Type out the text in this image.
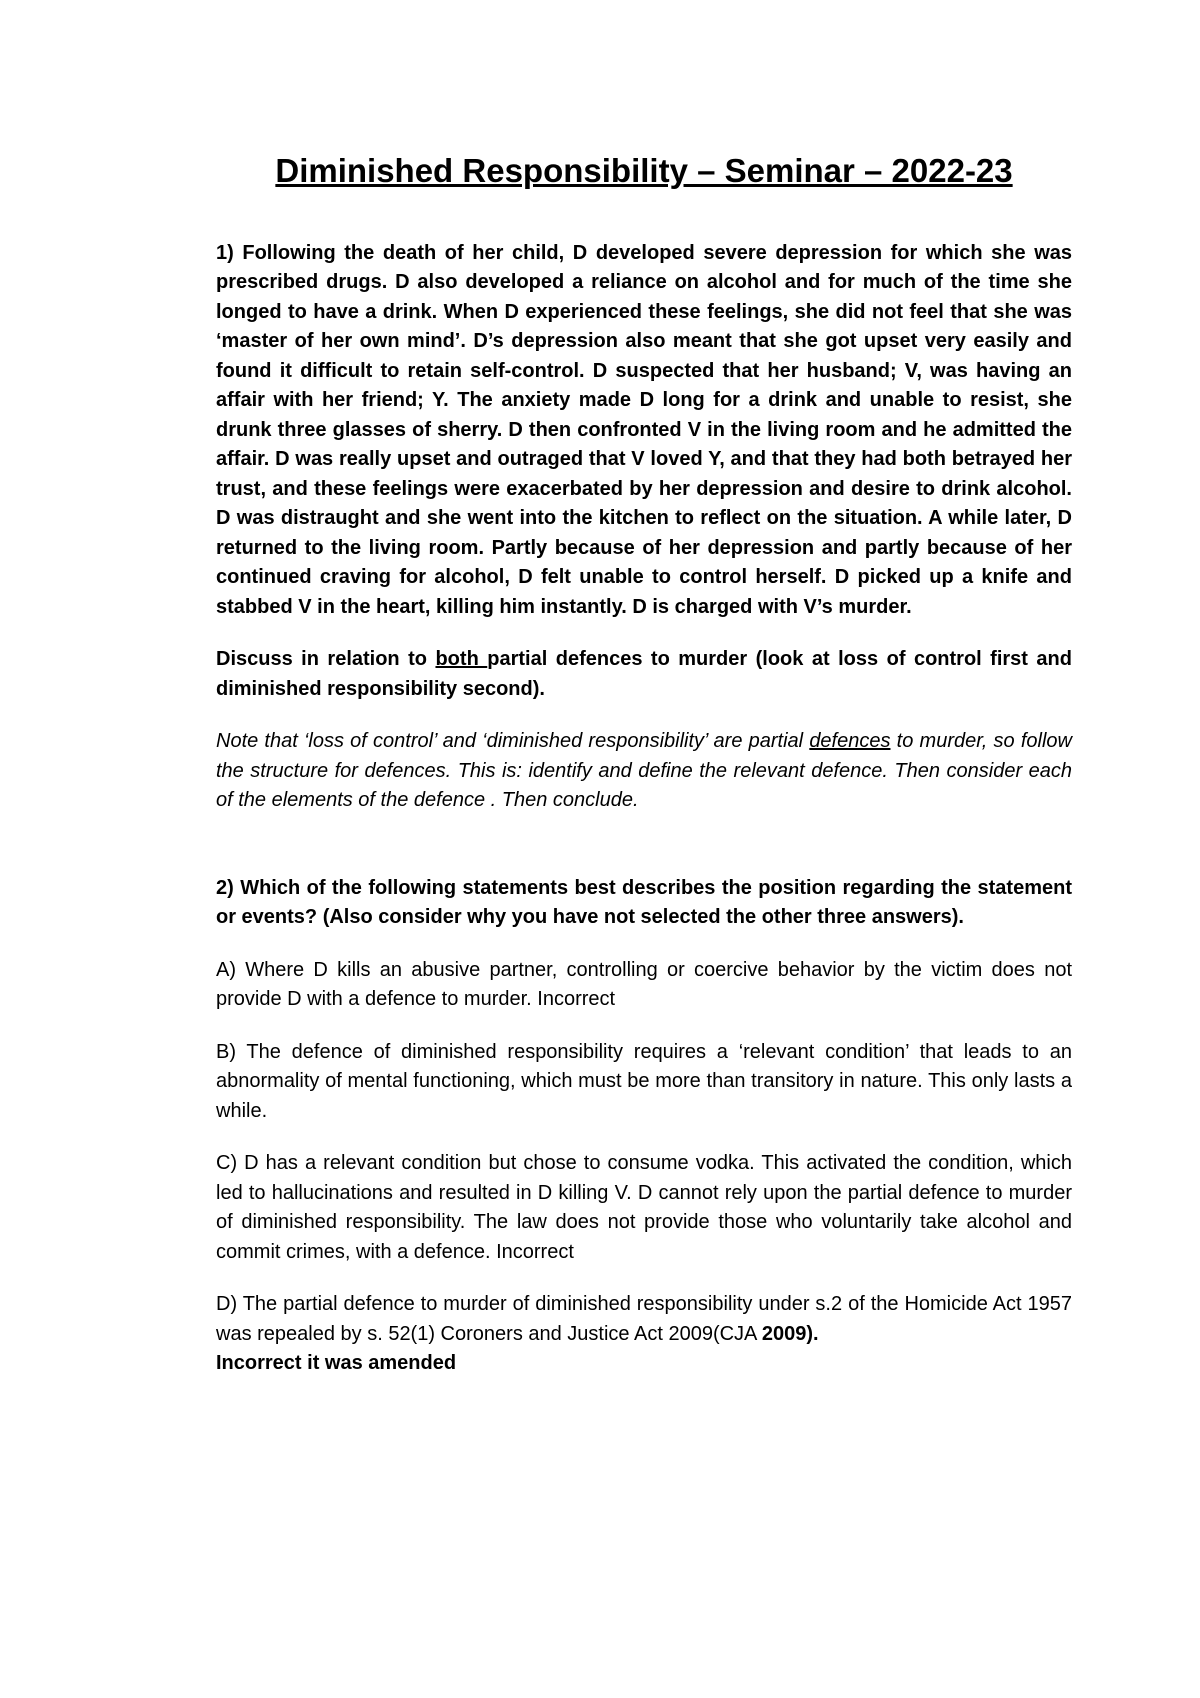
Diminished Responsibility – Seminar – 2022-23

1) Following the death of her child, D developed severe depression for which she was prescribed drugs. D also developed a reliance on alcohol and for much of the time she longed to have a drink. When D experienced these feelings, she did not feel that she was ‘master of her own mind’. D’s depression also meant that she got upset very easily and found it difficult to retain self-control. D suspected that her husband; V, was having an affair with her friend; Y. The anxiety made D long for a drink and unable to resist, she drunk three glasses of sherry. D then confronted V in the living room and he admitted the affair. D was really upset and outraged that V loved Y, and that they had both betrayed her trust, and these feelings were exacerbated by her depression and desire to drink alcohol. D was distraught and she went into the kitchen to reflect on the situation. A while later, D returned to the living room. Partly because of her depression and partly because of her continued craving for alcohol, D felt unable to control herself. D picked up a knife and stabbed V in the heart, killing him instantly. D is charged with V’s murder.

Discuss in relation to both partial defences to murder (look at loss of control first and diminished responsibility second).

Note that ‘loss of control’ and ‘diminished responsibility’ are partial defences to murder, so follow the structure for defences. This is: identify and define the relevant defence. Then consider each of the elements of the defence . Then conclude.

2) Which of the following statements best describes the position regarding the statement or events? (Also consider why you have not selected the other three answers).

A) Where D kills an abusive partner, controlling or coercive behavior by the victim does not provide D with a defence to murder. Incorrect

B) The defence of diminished responsibility requires a ‘relevant condition’ that leads to an abnormality of mental functioning, which must be more than transitory in nature. This only lasts a while.

C) D has a relevant condition but chose to consume vodka. This activated the condition, which led to hallucinations and resulted in D killing V. D cannot rely upon the partial defence to murder of diminished responsibility. The law does not provide those who voluntarily take alcohol and commit crimes, with a defence. Incorrect

D) The partial defence to murder of diminished responsibility under s.2 of the Homicide Act 1957 was repealed by s. 52(1) Coroners and Justice Act 2009(CJA 2009).
Incorrect it was amended
